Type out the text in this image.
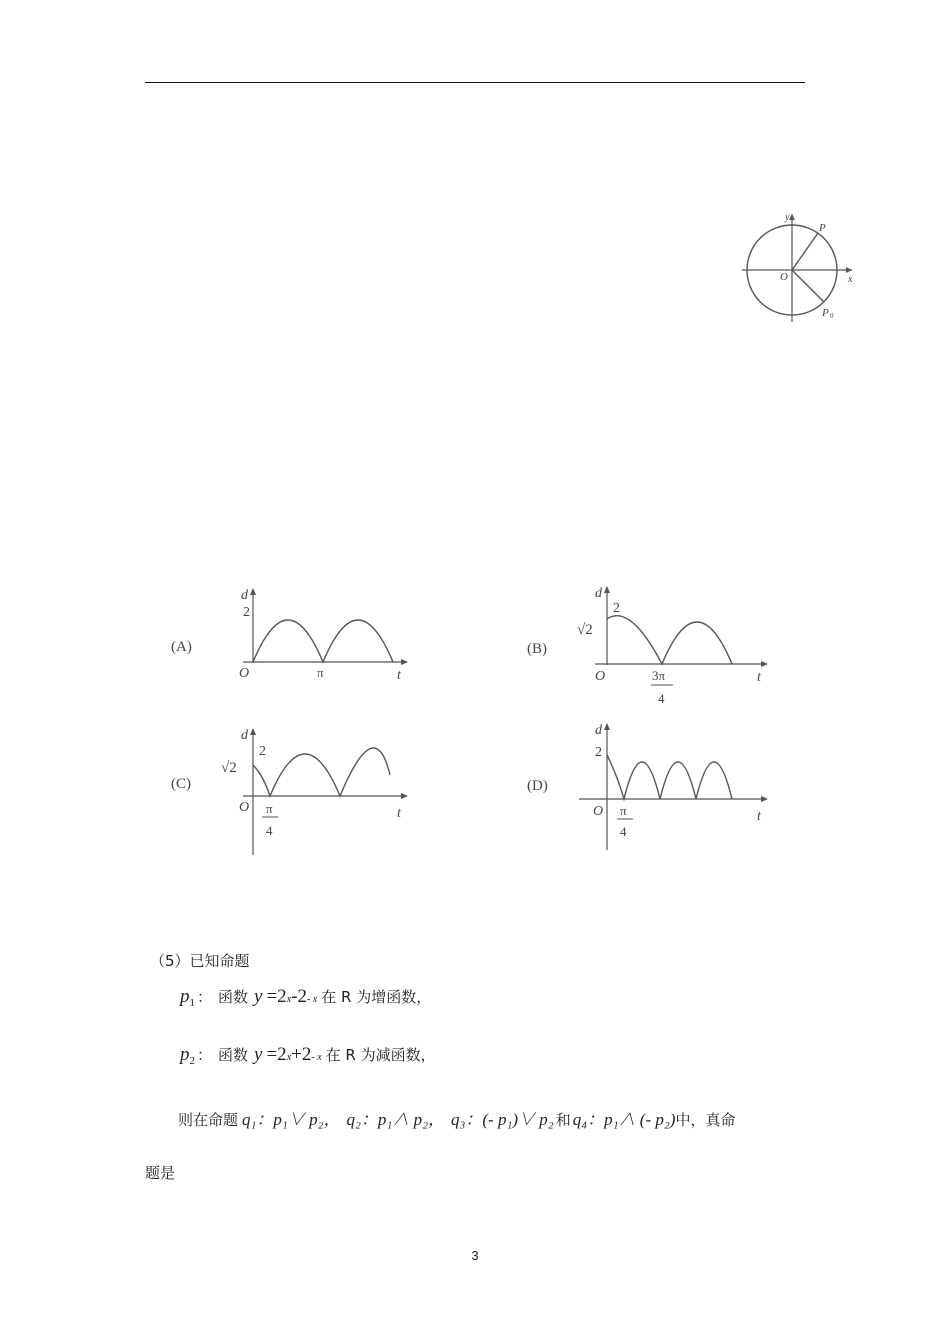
y
x
O
P
P 0
(A)
d
2
O	π	t
(B)
d
2
√2
O	3π
4
t
(C)
d
2
√2
O π
4
t
(D)
d
2
O π
4
t
（5）已知命题
$p_1$ ： 函数 y =2 x - 2 - x 在 R 为增函数，
$p_2$ ： 函数 y =2 x + 2 - x 在 R 为减函数，
则在命题 q₁：p₁∨ p₂， q₂：p₁∧ p₂， q₃：(- p₁)∨ p₂ 和 q₄：p₁∧ (- p₂) 中，真命
题是
3
